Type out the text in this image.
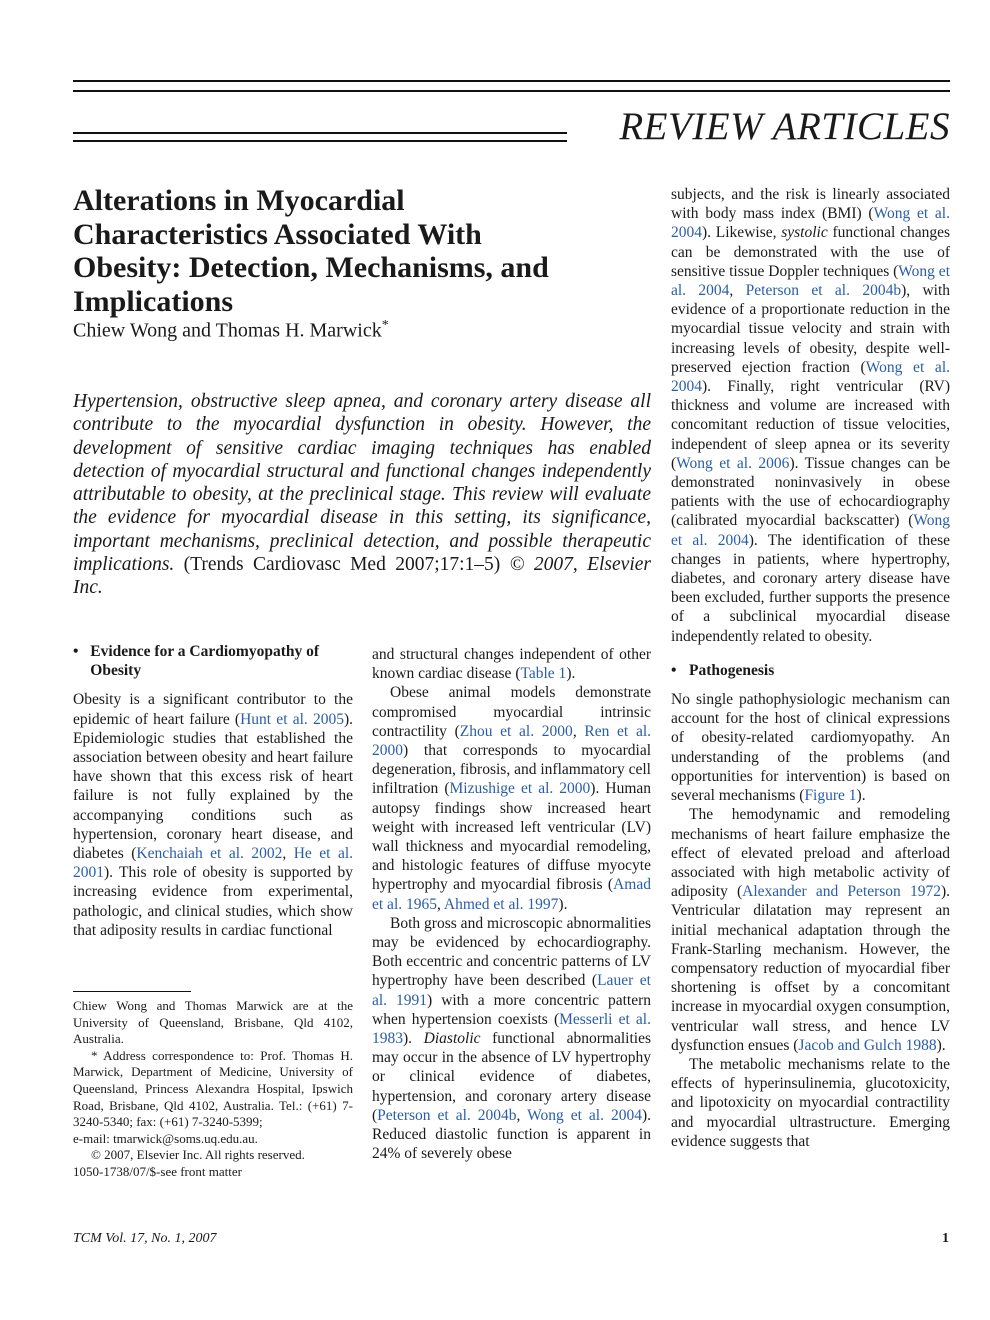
REVIEW ARTICLES
Alterations in Myocardial Characteristics Associated With Obesity: Detection, Mechanisms, and Implications
Chiew Wong and Thomas H. Marwick*
Hypertension, obstructive sleep apnea, and coronary artery disease all contribute to the myocardial dysfunction in obesity. However, the development of sensitive cardiac imaging techniques has enabled detection of myocardial structural and functional changes independently attributable to obesity, at the preclinical stage. This review will evaluate the evidence for myocardial disease in this setting, its significance, important mechanisms, preclinical detection, and possible therapeutic implications. (Trends Cardiovasc Med 2007;17:1–5) © 2007, Elsevier Inc.
• Evidence for a Cardiomyopathy of Obesity

Obesity is a significant contributor to the epidemic of heart failure (Hunt et al. 2005). Epidemiologic studies that established the association between obesity and heart failure have shown that this excess risk of heart failure is not fully explained by the accompanying conditions such as hypertension, coronary heart disease, and diabetes (Kenchaiah et al. 2002, He et al. 2001). This role of obesity is supported by increasing evidence from experimental, pathologic, and clinical studies, which show that adiposity results in cardiac functional

Chiew Wong and Thomas Marwick are at the University of Queensland, Brisbane, Qld 4102, Australia.

* Address correspondence to: Prof. Thomas H. Marwick, Department of Medicine, University of Queensland, Princess Alexandra Hospital, Ipswich Road, Brisbane, Qld 4102, Australia. Tel.: (+61) 7-3240-5340; fax: (+61) 7-3240-5399;

e-mail: tmarwick@soms.uq.edu.au.

© 2007, Elsevier Inc. All rights reserved.

1050-1738/07/$-see front matter

and structural changes independent of other known cardiac disease (Table 1).

Obese animal models demonstrate compromised myocardial intrinsic contractility (Zhou et al. 2000, Ren et al. 2000) that corresponds to myocardial degeneration, fibrosis, and inflammatory cell infiltration (Mizushige et al. 2000). Human autopsy findings show increased heart weight with increased left ventricular (LV) wall thickness and myocardial remodeling, and histologic features of diffuse myocyte hypertrophy and myocardial fibrosis (Amad et al. 1965, Ahmed et al. 1997).

Both gross and microscopic abnormalities may be evidenced by echocardiography. Both eccentric and concentric patterns of LV hypertrophy have been described (Lauer et al. 1991) with a more concentric pattern when hypertension coexists (Messerli et al. 1983). Diastolic functional abnormalities may occur in the absence of LV hypertrophy or clinical evidence of diabetes, hypertension, and coronary artery disease (Peterson et al. 2004b, Wong et al. 2004). Reduced diastolic function is apparent in 24% of severely obese

subjects, and the risk is linearly associated with body mass index (BMI) (Wong et al. 2004). Likewise, systolic functional changes can be demonstrated with the use of sensitive tissue Doppler techniques (Wong et al. 2004, Peterson et al. 2004b), with evidence of a proportionate reduction in the myocardial tissue velocity and strain with increasing levels of obesity, despite well-preserved ejection fraction (Wong et al. 2004). Finally, right ventricular (RV) thickness and volume are increased with concomitant reduction of tissue velocities, independent of sleep apnea or its severity (Wong et al. 2006). Tissue changes can be demonstrated noninvasively in obese patients with the use of echocardiography (calibrated myocardial backscatter) (Wong et al. 2004). The identification of these changes in patients, where hypertrophy, diabetes, and coronary artery disease have been excluded, further supports the presence of a subclinical myocardial disease independently related to obesity.

• Pathogenesis

No single pathophysiologic mechanism can account for the host of clinical expressions of obesity-related cardiomyopathy. An understanding of the problems (and opportunities for intervention) is based on several mechanisms (Figure 1).

The hemodynamic and remodeling mechanisms of heart failure emphasize the effect of elevated preload and afterload associated with high metabolic activity of adiposity (Alexander and Peterson 1972). Ventricular dilatation may represent an initial mechanical adaptation through the Frank-Starling mechanism. However, the compensatory reduction of myocardial fiber shortening is offset by a concomitant increase in myocardial oxygen consumption, ventricular wall stress, and hence LV dysfunction ensues (Jacob and Gulch 1988).

The metabolic mechanisms relate to the effects of hyperinsulinemia, glucotoxicity, and lipotoxicity on myocardial contractility and myocardial ultrastructure. Emerging evidence suggests that

TCM Vol. 17, No. 1, 2007	1
